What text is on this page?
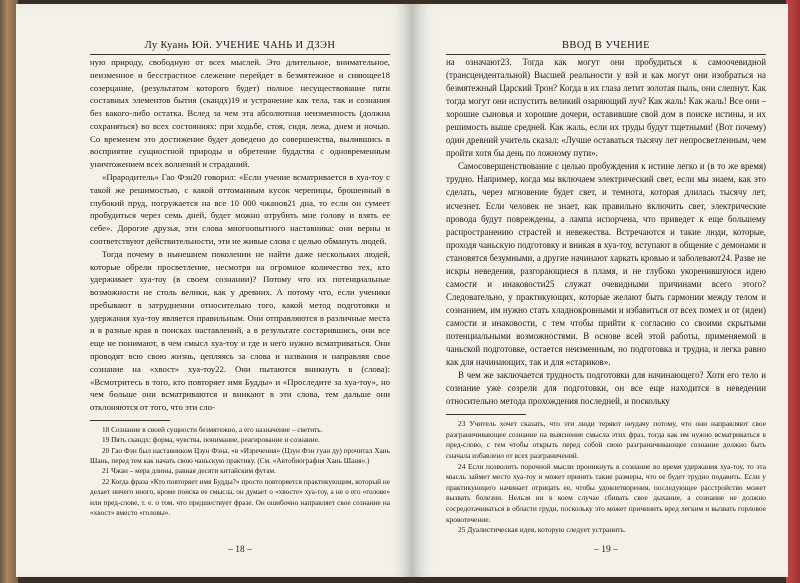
Лу Куань Юй. УЧЕНИЕ ЧАНЬ И ДЗЭН

ную природу, свободную от всех мыслей. Это длительное, внимательное, неизменное и бесстрастное слежение перейдет в безмятежное и сияющее18 созерцание, (результатом которого будет) полное несуществование пяти составных элементов бытия (скандх)19 и устранение как тела, так и сознания без какого-либо остатка. Вслед за чем эта абсолютная неизменность (должна сохраняться) во всех состояниях: при ходьбе, стоя, сидя, лежа, днем и ночью. Со временем это достижение будет доведено до совершенства, вылившись в восприятие сущностной природы и обретение буддства с одновременным уничтожением всех волнений и страданий.

«Прародитель» Гао Фэн20 говорил: «Если учение всматривается в хуа-тоу с такой же решимостью, с какой оттоманным кусок черепицы, брошенный в глубокий пруд, погружается на все 10 000 чжанов21 дна, то если он сумеет пробудиться через семь дней, будет можно отрубить мне голову и взять ее себе». Дорогие друзья, эти слова многоопытного наставника: они верны и соответствуют действительности, эти не живые слова с целью обмануть людей.

Тогда почему в нынешнем поколении не найти даже нескольких людей, которые обрели просветление, несмотря на огромное количество тех, кто удерживает хуа-тоу (в своем сознании)? Потому что их потенциальные возможности не столь велики, как у древних. А потому что, если ученики пребывают в затруднении относительно того, какой метод подготовки и удержания хуа-тоу является правильным. Они отправляются в различные места и в разные края в поисках наставлений, а в результате состарившись, они все еще не понимают, в чем смысл хуа-тоу и где и него нужно всматриваться. Они проводят всю свою жизнь, цепляясь за слова и названия и направляя свое сознание на «хвост» хуа-тоу22. Они пытаются вникнуть в (слова): «Всмотритесь в того, кто повторяет имя Будды» и «Проследите за хуа-тоу», но чем больше они всматриваются и вникают в эти слова, тем дальше они отклоняются от того, что эти сло-

18 Сознание в своей сущности безмятежно, а его назначение – светить.

19 Пять скандх: форма, чувства, понимание, реагирование и сознание.

20 Гао Фэн был наставником Цзун Фэна, «в «Изречения» (Цзун Фэн гуан ду) прочитал Хань Шань, перед тем как начать свою чаньскую практику. (См. «Автобиография Хань Шаня».)

21 Чжан – мера длины, равная десяти китайским футам.

22 Когда фраза «Кто повторяет имя Будды?» просто повторяется практикующим, который не делает ничего иного, кроме поиска ее смысла, он думает о «хвосте» хуа-тоу, а не о его «голове» или пред-слове, т. е. о том, что предшествует фразе. Он ошибочно направляет свое сознание на «хвост» вместо «головы».

– 18 –
ВВОД В УЧЕНИЕ

на означают23. Тогда как могут они пробудиться к самоочевидной (трансцендентальной) Высшей реальности у вэй и как могут они изобраться на безмятежный Царский Трон? Когда в их глаза летит золотая пыль, они слепнут. Как тогда могут они испустить великий озаряющий луч? Как жаль! Как жаль! Все они – хорошие сыновья и хорошие дочери, оставившие свой дом в поиске истины, и их решимость выше средней. Как жаль, если их труды будут тщетными! (Вот почему) один древний учитель сказал: «Лучше оставаться тысячу лет непросветленным, чем пройти хотя бы день по ложному пути».

Самосовершенствование с целью пробуждения к истине легко и (в то же время) трудно. Например, когда мы включаем электрический свет, если мы знаем, как это сделать, через мгновение будет свет, и темнота, которая длилась тысячу лет, исчезнет. Если человек не знает, как правильно включить свет, электрические провода будут повреждены, а лампа испорчена, что приведет к еще большему распространению страстей и невежества. Встречаются и такие люди, которые, проходя чаньскую подготовку и вникая в хуа-тоу, вступают в общение с демонами и становятся безумными, а другие начинают харкать кровью и заболевают24. Разве не искры неведения, разгорающиеся в пламя, и не глубоко укоренившуюся идею самости и инаковости25 служат очевидными причинами всего этого? Следовательно, у практикующих, которые желают быть гармонии между телом и сознанием, им нужно стать хладнокровными и избавиться от всех помех и от (идеи) самости и инаковости, с тем чтобы прийти к согласию со своими скрытыми потенциальными возможностями. В основе всей этой работы, применяемой в чаньской подготовке, остается неизменным, но подготовка и трудна, и легка равно как для начинающих, так и для «стариков».

В чем же заключается трудность подготовки для начинающего? Хотя его тело и сознание уже созрели для подготовки, он все еще находится в неведении относительно метода прохождения последней, и поскольку

23 Учитель хочет сказать, что эти люди теряют неудачу потому, что они направляют свое разграничивающее сознание на выяснение смысла этих фраз, тогда как им нужно всматриваться в пред-слово, с тем чтобы открыть перед собой свою разграничивающее сознание должно быть сначала избавлено от всех разграничений.

24 Если позволить порочной мысли проникнуть в сознание во время удержания хуа-тоу, то эта мысль займет место хуа-тоу и может принять такие размеры, что ее будет трудно подавить. Если у практикующего начинает отрицать ее, чтобы удовлетворения, последующее расстройство может вызвать болезни. Нельзя ни в коем случае сбивать свое дыхание, а сознание не должно сосредотачиваться в области груди, поскольку это может причинить вред легким и вызвать горловое кровотечение.

25 Дуалистическая идея, которую следует устранить.

– 19 –
